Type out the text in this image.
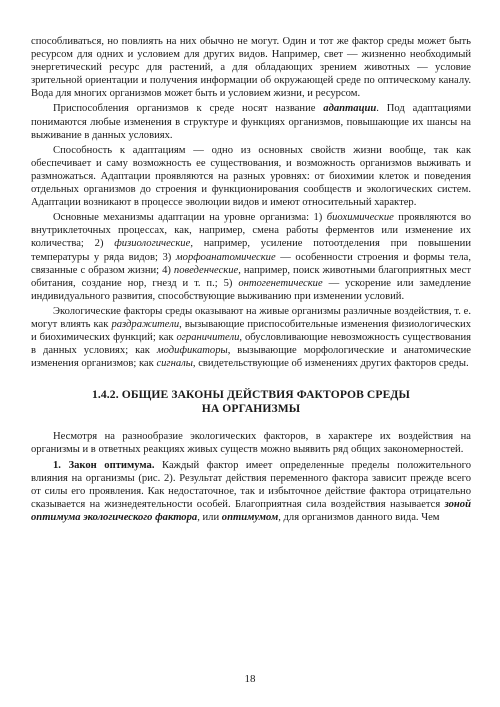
способливаться, но повлиять на них обычно не могут. Один и тот же фактор среды может быть ресурсом для одних и условием для других видов. Например, свет — жизненно необходимый энергетический ресурс для растений, а для обладающих зрением животных — условие зрительной ориентации и получения информации об окружающей среде по оптическому каналу. Вода для многих организмов может быть и условием жизни, и ресурсом.

Приспособления организмов к среде носят название адаптации. Под адаптациями понимаются любые изменения в структуре и функциях организмов, повышающие их шансы на выживание в данных условиях.

Способность к адаптациям — одно из основных свойств жизни вообще, так как обеспечивает и саму возможность ее существования, и возможность организмов выживать и размножаться. Адаптации проявляются на разных уровнях: от биохимии клеток и поведения отдельных организмов до строения и функционирования сообществ и экологических систем. Адаптации возникают в процессе эволюции видов и имеют относительный характер.

Основные механизмы адаптации на уровне организма: 1) биохимические проявляются во внутриклеточных процессах, как, например, смена работы ферментов или изменение их количества; 2) физиологические, например, усиление потоотделения при повышении температуры у ряда видов; 3) морфоанатомические — особенности строения и формы тела, связанные с образом жизни; 4) поведенческие, например, поиск животными благоприятных мест обитания, создание нор, гнезд и т. п.; 5) онтогенетические — ускорение или замедление индивидуального развития, способствующие выживанию при изменении условий.

Экологические факторы среды оказывают на живые организмы различные воздействия, т. е. могут влиять как раздражители, вызывающие приспособительные изменения физиологических и биохимических функций; как ограничители, обусловливающие невозможность существования в данных условиях; как модификаторы, вызывающие морфологические и анатомические изменения организмов; как сигналы, свидетельствующие об изменениях других факторов среды.

1.4.2. ОБЩИЕ ЗАКОНЫ ДЕЙСТВИЯ ФАКТОРОВ СРЕДЫ
НА ОРГАНИЗМЫ

Несмотря на разнообразие экологических факторов, в характере их воздействия на организмы и в ответных реакциях живых существ можно выявить ряд общих закономерностей.

1. Закон оптимума. Каждый фактор имеет определенные пределы положительного влияния на организмы (рис. 2). Результат действия переменного фактора зависит прежде всего от силы его проявления. Как недостаточное, так и избыточное действие фактора отрицательно сказывается на жизнедеятельности особей. Благоприятная сила воздействия называется зоной оптимума экологического фактора, или оптимумом, для организмов данного вида. Чем

18
